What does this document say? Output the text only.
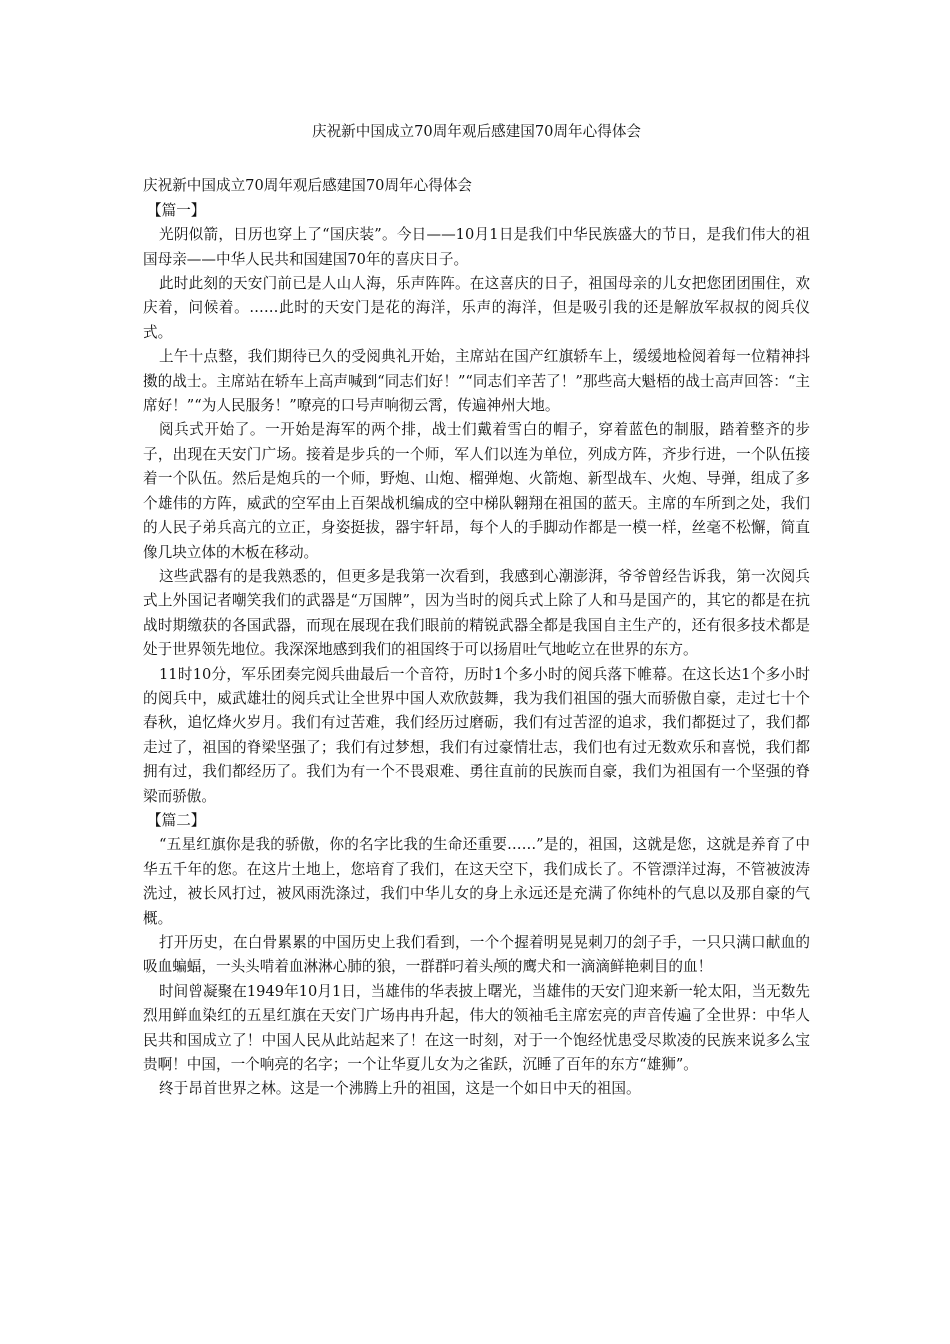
庆祝新中国成立70周年观后感建国70周年心得体会

庆祝新中国成立70周年观后感建国70周年心得体会

【篇一】

光阴似箭，日历也穿上了“国庆装”。今日——10月1日是我们中华民族盛大的节日，是我们伟大的祖国母亲——中华人民共和国建国70年的喜庆日子。

此时此刻的天安门前已是人山人海，乐声阵阵。在这喜庆的日子，祖国母亲的儿女把您团团围住，欢庆着，问候着。……此时的天安门是花的海洋，乐声的海洋，但是吸引我的还是解放军叔叔的阅兵仪式。

上午十点整，我们期待已久的受阅典礼开始，主席站在国产红旗轿车上，缓缓地检阅着每一位精神抖擞的战士。主席站在轿车上高声喊到“同志们好！”“同志们辛苦了！”那些高大魁梧的战士高声回答：“主席好！”“为人民服务！”嘹亮的口号声响彻云霄，传遍神州大地。

阅兵式开始了。一开始是海军的两个排，战士们戴着雪白的帽子，穿着蓝色的制服，踏着整齐的步子，出现在天安门广场。接着是步兵的一个师，军人们以连为单位，列成方阵，齐步行进，一个队伍接着一个队伍。然后是炮兵的一个师，野炮、山炮、榴弹炮、火箭炮、新型战车、火炮、导弹，组成了多个雄伟的方阵，威武的空军由上百架战机编成的空中梯队翱翔在祖国的蓝天。主席的车所到之处，我们的人民子弟兵高亢的立正，身姿挺拔，器宇轩昂，每个人的手脚动作都是一模一样，丝毫不松懈，简直像几块立体的木板在移动。

这些武器有的是我熟悉的，但更多是我第一次看到，我感到心潮澎湃，爷爷曾经告诉我，第一次阅兵式上外国记者嘲笑我们的武器是“万国牌”，因为当时的阅兵式上除了人和马是国产的，其它的都是在抗战时期缴获的各国武器，而现在展现在我们眼前的精锐武器全都是我国自主生产的，还有很多技术都是处于世界领先地位。我深深地感到我们的祖国终于可以扬眉吐气地屹立在世界的东方。

11时10分，军乐团奏完阅兵曲最后一个音符，历时1个多小时的阅兵落下帷幕。在这长达1个多小时的阅兵中，威武雄壮的阅兵式让全世界中国人欢欣鼓舞，我为我们祖国的强大而骄傲自豪，走过七十个春秋，追忆烽火岁月。我们有过苦难，我们经历过磨砺，我们有过苦涩的追求，我们都挺过了，我们都走过了，祖国的脊梁坚强了；我们有过梦想，我们有过豪情壮志，我们也有过无数欢乐和喜悦，我们都拥有过，我们都经历了。我们为有一个不畏艰难、勇往直前的民族而自豪，我们为祖国有一个坚强的脊梁而骄傲。

【篇二】

“五星红旗你是我的骄傲，你的名字比我的生命还重要……”是的，祖国，这就是您，这就是养育了中华五千年的您。在这片土地上，您培育了我们，在这天空下，我们成长了。不管漂洋过海，不管被波涛洗过，被长风打过，被风雨洗涤过，我们中华儿女的身上永远还是充满了你纯朴的气息以及那自豪的气概。

打开历史，在白骨累累的中国历史上我们看到，一个个握着明晃晃刺刀的刽子手，一只只满口献血的吸血蝙蝠，一头头啃着血淋淋心肺的狼，一群群叼着头颅的鹰犬和一滴滴鲜艳刺目的血！

时间曾凝聚在1949年10月1日，当雄伟的华表披上曙光，当雄伟的天安门迎来新一轮太阳，当无数先烈用鲜血染红的五星红旗在天安门广场冉冉升起，伟大的领袖毛主席宏亮的声音传遍了全世界：中华人民共和国成立了！中国人民从此站起来了！在这一时刻，对于一个饱经忧患受尽欺凌的民族来说多么宝贵啊！中国，一个响亮的名字；一个让华夏儿女为之雀跃，沉睡了百年的东方“雄狮”。

终于昂首世界之林。这是一个沸腾上升的祖国，这是一个如日中天的祖国。
